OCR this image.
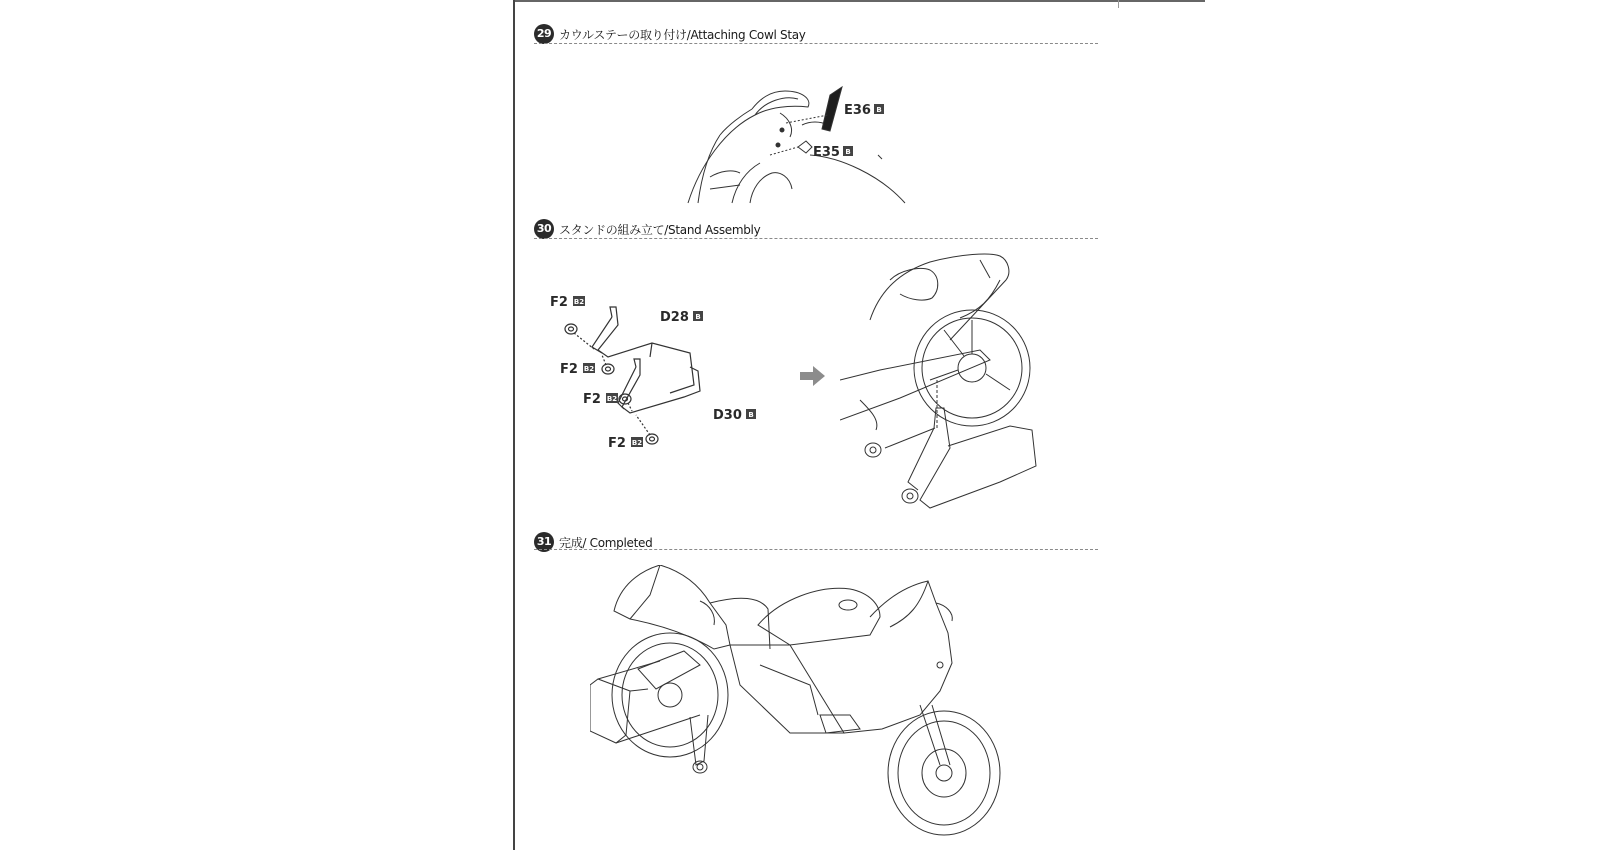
29 カウルステーの取り付け/Attaching Cowl Stay
E36 B
E35 B
30 スタンドの組み立て/Stand Assembly
F2 B2
D28 B
F2 B2
F2 B2
D30 B
F2 B2
31 完成/ Completed
